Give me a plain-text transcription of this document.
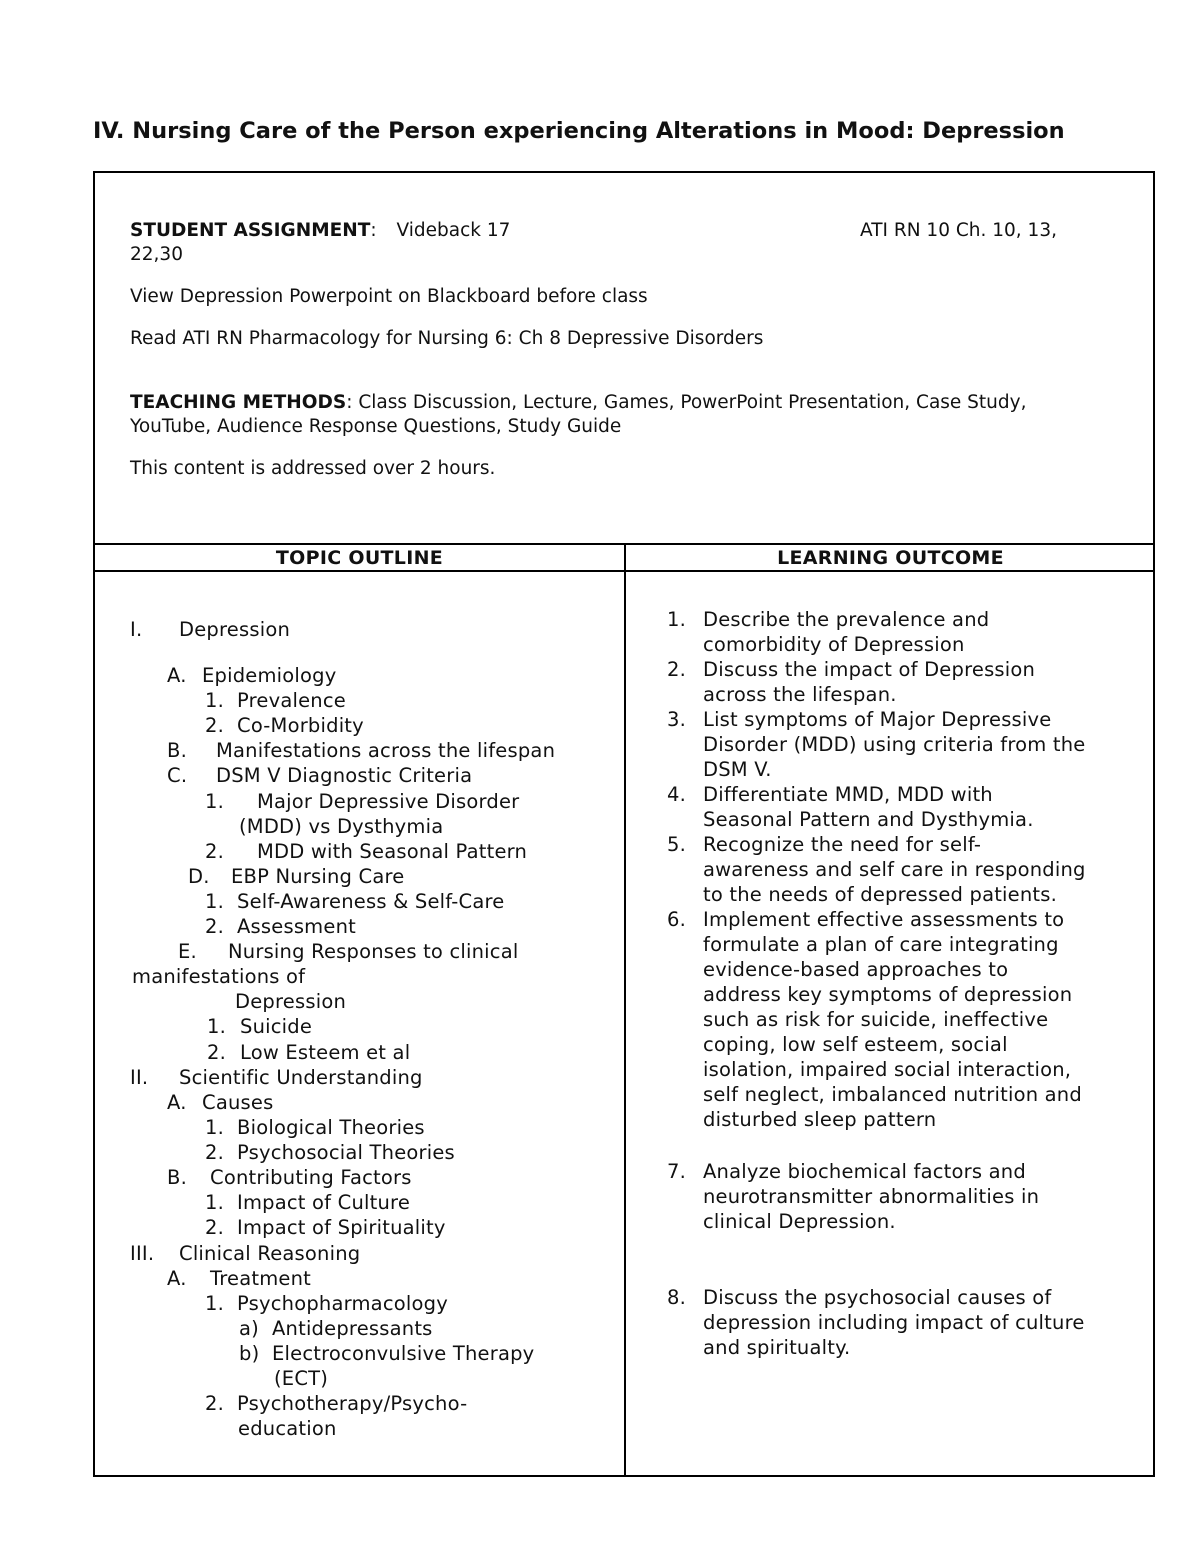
IV. Nursing Care of the Person experiencing Alterations in Mood: Depression

STUDENT ASSIGNMENT: Videback 17	ATI RN 10 Ch. 10, 13,

22,30

View Depression Powerpoint on Blackboard before class

Read ATI RN Pharmacology for Nursing 6: Ch 8 Depressive Disorders

TEACHING METHODS: Class Discussion, Lecture, Games, PowerPoint Presentation, Case Study,

YouTube, Audience Response Questions, Study Guide

This content is addressed over 2 hours.

TOPIC OUTLINE	LEARNING OUTCOME
I. Depression
A. Epidemiology
1. Prevalence
2. Co-Morbidity
B. Manifestations across the lifespan
C. DSM V Diagnostic Criteria
1. Major Depressive Disorder
(MDD) vs Dysthymia
2. MDD with Seasonal Pattern
D. EBP Nursing Care
1. Self-Awareness & Self-Care
2. Assessment
E. Nursing Responses to clinical
manifestations of
Depression
1. Suicide
2. Low Esteem et al
II. Scientific Understanding
A. Causes
1. Biological Theories
2. Psychosocial Theories
B. Contributing Factors
1. Impact of Culture
2. Impact of Spirituality
III. Clinical Reasoning
A. Treatment
1. Psychopharmacology
a) Antidepressants
b) Electroconvulsive Therapy
(ECT)
2. Psychotherapy/Psycho-
education
1. Describe the prevalence and
comorbidity of Depression
2. Discuss the impact of Depression
across the lifespan.
3. List symptoms of Major Depressive
Disorder (MDD) using criteria from the
DSM V.
4. Differentiate MMD, MDD with
Seasonal Pattern and Dysthymia.
5. Recognize the need for self-
awareness and self care in responding
to the needs of depressed patients.
6. Implement effective assessments to
formulate a plan of care integrating
evidence-based approaches to
address key symptoms of depression
such as risk for suicide, ineffective
coping, low self esteem, social
isolation, impaired social interaction,
self neglect, imbalanced nutrition and
disturbed sleep pattern
7. Analyze biochemical factors and
neurotransmitter abnormalities in
clinical Depression.
8. Discuss the psychosocial causes of
depression including impact of culture
and spiritualty.
